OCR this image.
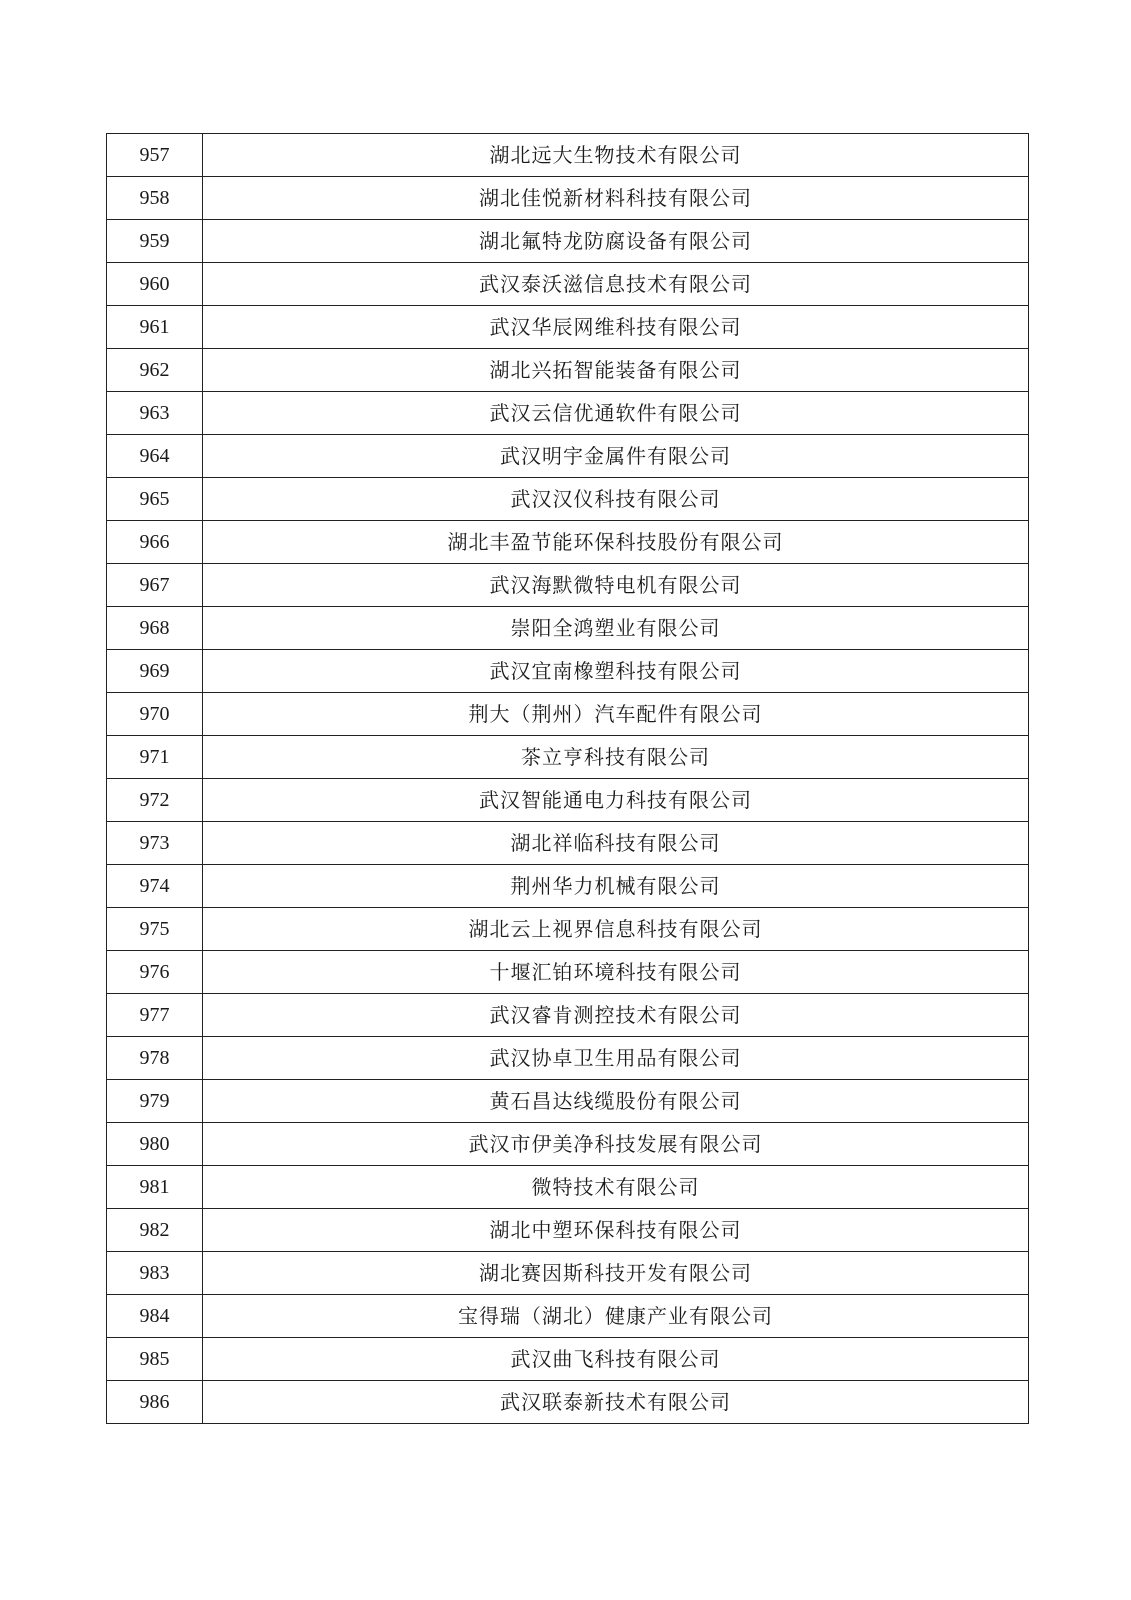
957	湖北远大生物技术有限公司
958	湖北佳悦新材料科技有限公司
959	湖北氟特龙防腐设备有限公司
960	武汉泰沃滋信息技术有限公司
961	武汉华辰网维科技有限公司
962	湖北兴拓智能装备有限公司
963	武汉云信优通软件有限公司
964	武汉明宇金属件有限公司
965	武汉汉仪科技有限公司
966	湖北丰盈节能环保科技股份有限公司
967	武汉海默微特电机有限公司
968	崇阳全鸿塑业有限公司
969	武汉宜南橡塑科技有限公司
970	荆大（荆州）汽车配件有限公司
971	茶立亨科技有限公司
972	武汉智能通电力科技有限公司
973	湖北祥临科技有限公司
974	荆州华力机械有限公司
975	湖北云上视界信息科技有限公司
976	十堰汇铂环境科技有限公司
977	武汉睿肯测控技术有限公司
978	武汉协卓卫生用品有限公司
979	黄石昌达线缆股份有限公司
980	武汉市伊美净科技发展有限公司
981	微特技术有限公司
982	湖北中塑环保科技有限公司
983	湖北赛因斯科技开发有限公司
984	宝得瑞（湖北）健康产业有限公司
985	武汉曲飞科技有限公司
986	武汉联泰新技术有限公司
